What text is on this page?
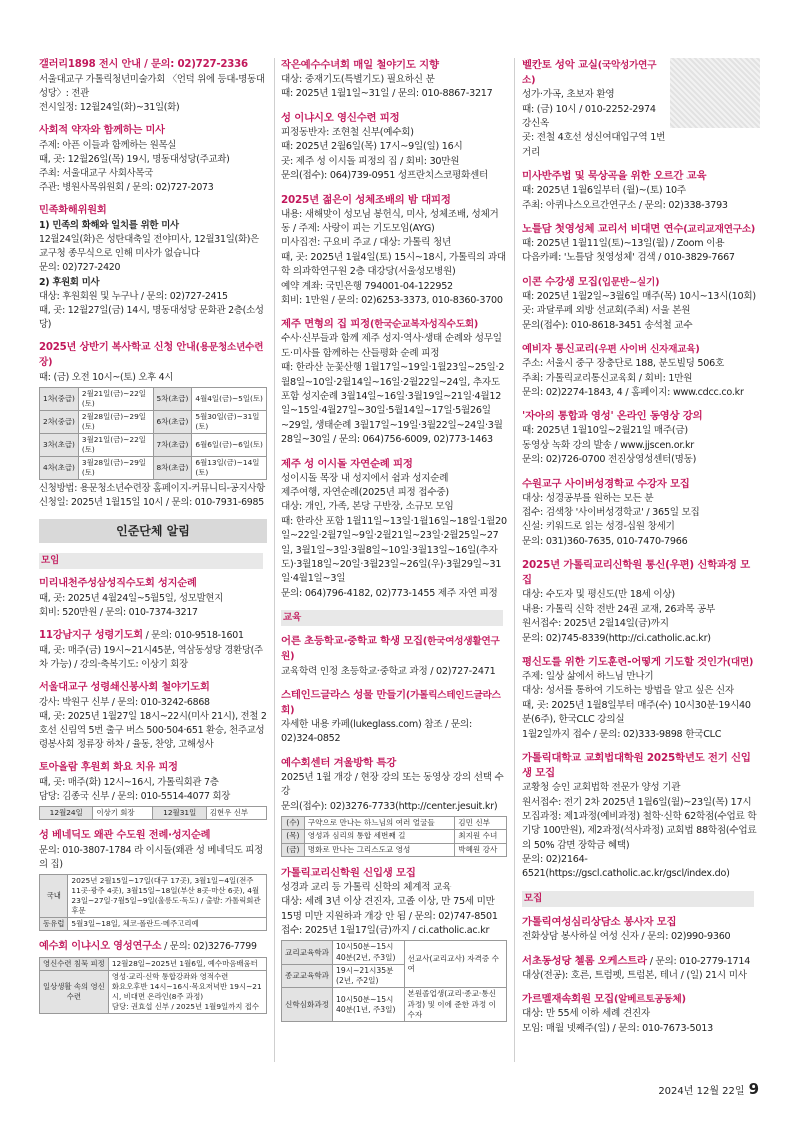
갤러리1898 전시 안내 / 문의: 02)727-2336
서울대교구 가톨릭청년미술가회 〈언덕 위에 등대-명동대성당〉: 전관
전시일정: 12월24일(화)~31일(화)
사회적 약자와 함께하는 미사
주제: 아픈 이들과 함께하는 원목실
때, 곳: 12월26일(목) 19시, 명동대성당(주교좌)
주최: 서울대교구 사회사목국
주관: 병원사목위원회 / 문의: 02)727-2073
민족화해위원회
1) 민족의 화해와 일치를 위한 미사
12월24일(화)은 성탄대축일 전야미사, 12월31일(화)은 교구청 종무식으로 인해 미사가 없습니다
문의: 02)727-2420
2) 후원회 미사
대상: 후원회원 및 누구나 / 문의: 02)727-2415
때, 곳: 12월27일(금) 14시, 명동대성당 문화관 2층(소성당)
2025년 상반기 복사학교 신청 안내(용문청소년수련장)
때: (금) 오전 10시~(토) 오후 4시
1차(중급)	2월21일(금)~22일(토)	5차(초급)	4월4일(금)~5일(토)
2차(중급)	2월28일(금)~29일(토)	6차(초급)	5월30일(금)~31일(토)
3차(초급)	3월21일(금)~22일(토)	7차(초급)	6월6일(금)~6일(토)
4차(초급)	3월28일(금)~29일(토)	8차(초급)	6월13일(금)~14일(토)
신청방법: 용문청소년수련장 홈페이지-커뮤니티-공지사항
신청일: 2025년 1월15일 10시 / 문의: 010-7931-6985
인준단체 알림
모임
미리내천주성삼성직수도회 성지순례
때, 곳: 2025년 4월24일~5월5일, 성모발현지
회비: 520만원 / 문의: 010-7374-3217
11강남지구 성령기도회 / 문의: 010-9518-1601
때, 곳: 매주(금) 19시~21시45분, 역삼동성당 경환당(주차 가능) / 강의·축복기도: 이상기 회장
서울대교구 성령쇄신봉사회 철야기도회
강사: 박원구 신부 / 문의: 010-3242-6868
때, 곳: 2025년 1월27일 18시~22시(미사 21시), 전철 2호선 신림역 5번 출구 버스 500·504·651 환승, 천주교성령봉사회 정류장 하차 / 율동, 찬양, 고해성사
토아올람 후원회 화요 치유 피정
때, 곳: 매주(화) 12시~16시, 가톨릭회관 7층
담당: 김종국 신부 / 문의: 010-5514-4077 회장
12월24일	이상기 회장	12월31일	김현우 신부
성 베네딕도 왜관 수도원 전례·성지순례
문의: 010-3807-1784 라 이시돌(왜관 성 베네딕도 피정의 집)
국내	2025년 2월15일~17일(대구 17곳), 3월1일~4일(전주 11곳·광주 4곳), 3월15일~18일(부산 8곳·마산 6곳), 4월23일~27일·7월5일~9일(울릉도·독도) / 출발: 가톨릭회관 후문
동유럽	5월3일~18일, 체코·폴란드·메주고리예
예수회 이냐시오 영성연구소 / 문의: 02)3276-7799
영신수련 침묵 피정	12월28일~2025년 1월6일, 예수마음배움터
일상생활 속의 영신수련	영성·교리·신학 통합강좌와 영적수련
화요오후반 14시~16시·목요저녁반 19시~21시, 비대면 온라인(8주 과정)
담당: 권효섭 신부 / 2025년 1월9일까지 접수
작은예수수녀회 매일 철야기도 지향
대상: 중재기도(특별기도) 필요하신 분
때: 2025년 1월1일~31일 / 문의: 010-8867-3217
성 이냐시오 영신수련 피정
피정동반자: 조현철 신부(예수회)
때: 2025년 2월6일(목) 17시~9일(일) 16시
곳: 제주 성 이시돌 피정의 집 / 회비: 30만원
문의(접수): 064)739-0951 성프란치스코평화센터
2025년 젊은이 성체조배의 밤 대피정
내용: 새해맞이 성모님 봉헌식, 미사, 성체조배, 성체거동 / 주제: 사랑이 피는 기도모임(AYG)
미사집전: 구요비 주교 / 대상: 가톨릭 청년
때, 곳: 2025년 1월4일(토) 15시~18시, 가톨릭의 과대학 의과학연구원 2층 대강당(서울성모병원)
예약 계좌: 국민은행 794001-04-122952
회비: 1만원 / 문의: 02)6253-3373, 010-8360-3700
제주 면형의 집 피정(한국순교복자성직수도회)
수사·신부들과 함께 제주 성지·역사·생태 순례와 성무일도·미사를 함께하는 산들평화 순례 피정
때: 한라산 눈꽃산행 1월17일~19일·1월23일~25일·2월8일~10일·2월14일~16일·2월22일~24일, 추자도포함 성지순례 3월14일~16일·3월19일~21일·4월12일~15일·4월27일~30일·5월14일~17일·5월26일~29일, 생태순례 3월17일~19일·3월22일~24일·3월28일~30일 / 문의: 064)756-6009, 02)773-1463
제주 성 이시돌 자연순례 피정
성이시돌 목장 내 성지에서 쉼과 성지순례
제주여행, 자연순례(2025년 피정 접수중)
대상: 개인, 가족, 본당 구반장, 소규모 모임
때: 한라산 포함 1월11일~13일·1월16일~18일·1월20일~22일·2월7일~9일·2월21일~23일·2월25일~27일, 3월1일~3일·3월8일~10일·3월13일~16일(추자도)·3월18일~20일·3월23일~26일(우)·3월29일~31일·4월1일~3일
문의: 064)796-4182, 02)773-1455 제주 자연 피정
교육
어른 초등학교·중학교 학생 모집(한국여성생활연구원)
교육학력 인정 초등학교·중학교 과정 / 02)727-2471
스테인드글라스 성물 만들기(가톨릭스테인드글라스회)
자세한 내용 카페(lukeglass.com) 참조 / 문의: 02)324-0852
예수회센터 겨울방학 특강
2025년 1월 개강 / 현장 강의 또는 동영상 강의 선택 수강
문의(접수): 02)3276-7733(http://center.jesuit.kr)
(수)	구약으로 만나는 하느님의 여러 얼굴들	김민 신부
(목)	영성과 심리의 통합 세번째 길	최지원 수녀
(금)	명화로 만나는 그리스도교 영성	박혜원 강사
가톨릭교리신학원 신입생 모집
성경과 교리 등 가톨릭 신학의 체계적 교육
대상: 세례 3년 이상 견진자, 고졸 이상, 만 75세 미만
15명 미만 지원하과 개강 안 됨 / 문의: 02)747-8501
접수: 2025년 1월17일(금)까지 / ci.catholic.ac.kr
교리교육학과	10시50분~15시40분(2년, 주3일)	선교사(교리교사) 자격증 수여
종교교육학과	19시~21시35분(2년, 주2일)	
신학심화과정	10시50분~15시 40분(1년, 주3일)	본원졸업생(교리·종교·통신과정) 및 이에 준한 과정 이수자
벨칸토 성악 교실(국악성가연구소)
성가·가곡, 초보자 환영
때: (금) 10시 / 010-2252-2974 강신옥
곳: 전철 4호선 성신여대입구역 1번 거리
미사반주법 및 묵상곡을 위한 오르간 교육
때: 2025년 1월6일부터 (월)~(토) 10주
주최: 아퀴나스오르간연구소 / 문의: 02)338-3793
노틀담 첫영성체 교리서 비대면 연수(교리교재연구소)
때: 2025년 1월11일(토)~13일(월) / Zoom 이용
다음카페: '노틀담 첫영성체' 검색 / 010-3829-7667
이콘 수강생 모집(입문반~실기)
때: 2025년 1월2일~3월6일 매주(목) 10시~13시(10회)
곳: 과달루페 외방 선교회(주최) 서울 본원
문의(접수): 010-8618-3451 송석철 교수
예비자 통신교리(우편 사이버 신자재교육)
주소: 서울시 중구 장충단로 188, 분도빌딩 506호
주최: 가톨릭교리통신교육회 / 회비: 1만원
문의: 02)2274-1843, 4 / 홈페이지: www.cdcc.co.kr
'자아의 통합과 영성' 온라인 동영상 강의
때: 2025년 1월10일~2월21일 매주(금)
동영상 녹화 강의 발송 / www.jjscen.or.kr
문의: 02)726-0700 전진상영성센터(명동)
수원교구 사이버성경학교 수강자 모집
대상: 성경공부를 원하는 모든 분
접수: 검색창 '사이버성경학교' / 365일 모집
신설: 키워드로 읽는 성경-십원 창세기
문의: 031)360-7635, 010-7470-7966
2025년 가톨릭교리신학원 통신(우편) 신학과정 모집
대상: 수도자 및 평신도(만 18세 이상)
내용: 가톨릭 신학 전반 24권 교재, 26과목 공부
원서접수: 2025년 2월14일(금)까지
문의: 02)745-8339(http://ci.catholic.ac.kr)
평신도를 위한 기도훈련-어떻게 기도할 것인가(대면)
주제: 일상 삶에서 하느님 만나기
대상: 성서를 통하여 기도하는 방법을 알고 싶은 신자
때, 곳: 2025년 1월8일부터 매주(수) 10시30분·19시40분(6주), 한국CLC 강의실
1월2일까지 접수 / 문의: 02)333-9898 한국CLC
가톨릭대학교 교회법대학원 2025학년도 전기 신입생 모집
교황청 승인 교회법학 전문가 양성 기관
원서접수: 전기 2차 2025년 1월6일(월)~23일(목) 17시
모집과정: 제1과정(예비과정) 철학·신학 62학점(수업료 학기당 100만원), 제2과정(석사과정) 교회법 88학점(수업료의 50% 감면 장학금 혜택)
문의: 02)2164-6521(https://gscl.catholic.ac.kr/gscl/index.do)
모집
가톨릭여성심리상담소 봉사자 모집
전화상담 봉사하실 여성 신자 / 문의: 02)990-9360
서초동성당 첼롬 오케스트라 / 문의: 010-2779-1714
대상(전공): 호른, 트럼펫, 트럼본, 테너 / (일) 21시 미사
가르멜재속회원 모집(알베르토공동체)
대상: 만 55세 이하 세례 견진자
모임: 매월 넷째주(일) / 문의: 010-7673-5013
2024년 12월 22일 9
